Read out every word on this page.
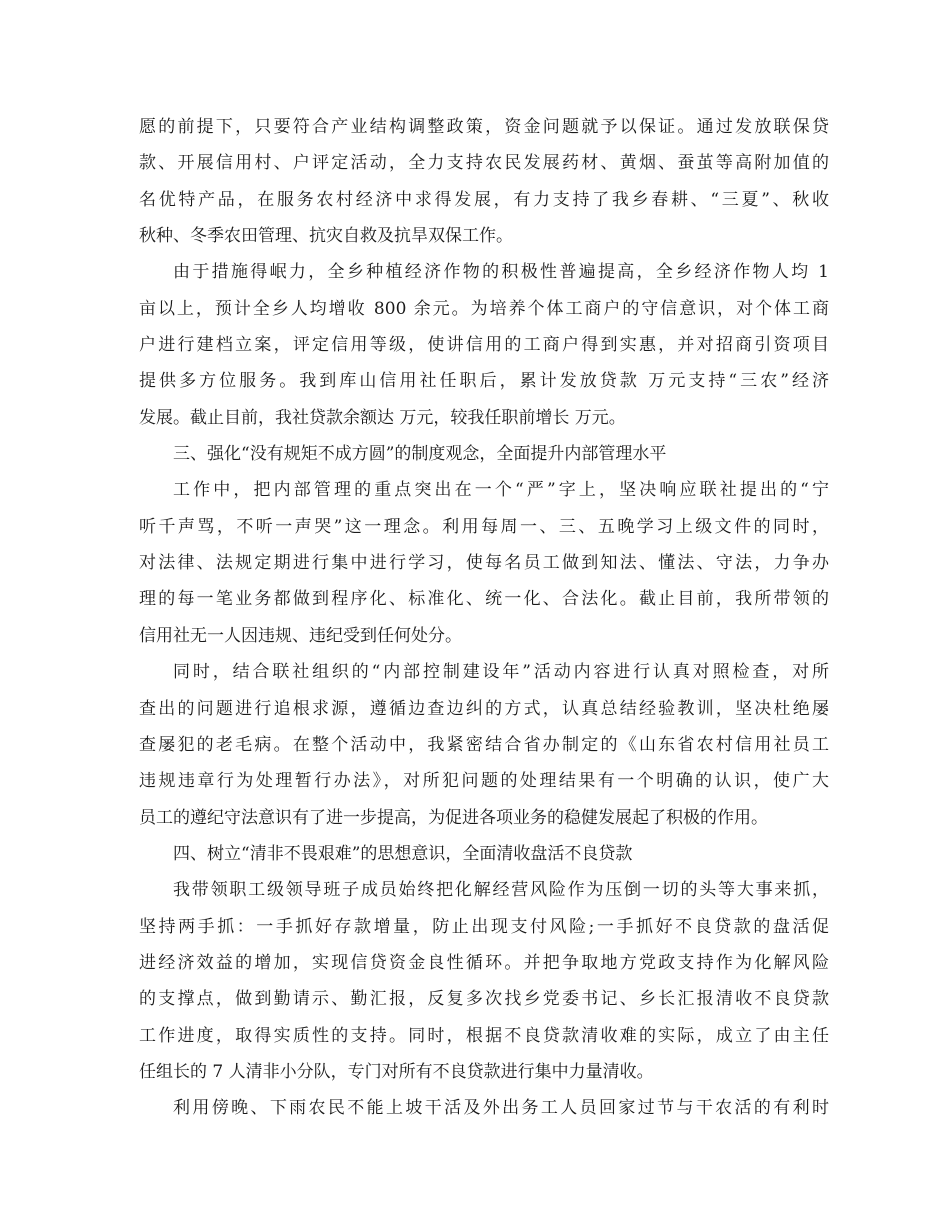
愿的前提下，只要符合产业结构调整政策，资金问题就予以保证。通过发放联保贷
款、开展信用村、户评定活动，全力支持农民发展药材、黄烟、蚕茧等高附加值的
名优特产品，在服务农村经济中求得发展，有力支持了我乡春耕、“三夏”、秋收
秋种、冬季农田管理、抗灾自救及抗旱双保工作。
由于措施得岷力，全乡种植经济作物的积极性普遍提高，全乡经济作物人均 1
亩以上，预计全乡人均增收 800 余元。为培养个体工商户的守信意识，对个体工商
户进行建档立案，评定信用等级，使讲信用的工商户得到实惠，并对招商引资项目
提供多方位服务。我到库山信用社任职后，累计发放贷款 万元支持“三农”经济
发展。截止目前，我社贷款余额达 万元，较我任职前增长 万元。
三、强化“没有规矩不成方圆”的制度观念，全面提升内部管理水平
工作中，把内部管理的重点突出在一个“严”字上，坚决响应联社提出的“宁
听千声骂，不听一声哭”这一理念。利用每周一、三、五晚学习上级文件的同时，
对法律、法规定期进行集中进行学习，使每名员工做到知法、懂法、守法，力争办
理的每一笔业务都做到程序化、标准化、统一化、合法化。截止目前，我所带领的
信用社无一人因违规、违纪受到任何处分。
同时，结合联社组织的“内部控制建设年”活动内容进行认真对照检查，对所
查出的问题进行追根求源，遵循边查边纠的方式，认真总结经验教训，坚决杜绝屡
查屡犯的老毛病。在整个活动中，我紧密结合省办制定的《山东省农村信用社员工
违规违章行为处理暂行办法》，对所犯问题的处理结果有一个明确的认识，使广大
员工的遵纪守法意识有了进一步提高，为促进各项业务的稳健发展起了积极的作用。
四、树立“清非不畏艰难”的思想意识，全面清收盘活不良贷款
我带领职工级领导班子成员始终把化解经营风险作为压倒一切的头等大事来抓，
坚持两手抓：一手抓好存款增量，防止出现支付风险;一手抓好不良贷款的盘活促
进经济效益的增加，实现信贷资金良性循环。并把争取地方党政支持作为化解风险
的支撑点，做到勤请示、勤汇报，反复多次找乡党委书记、乡长汇报清收不良贷款
工作进度，取得实质性的支持。同时，根据不良贷款清收难的实际，成立了由主任
任组长的 7 人清非小分队，专门对所有不良贷款进行集中力量清收。
利用傍晚、下雨农民不能上坡干活及外出务工人员回家过节与干农活的有利时
